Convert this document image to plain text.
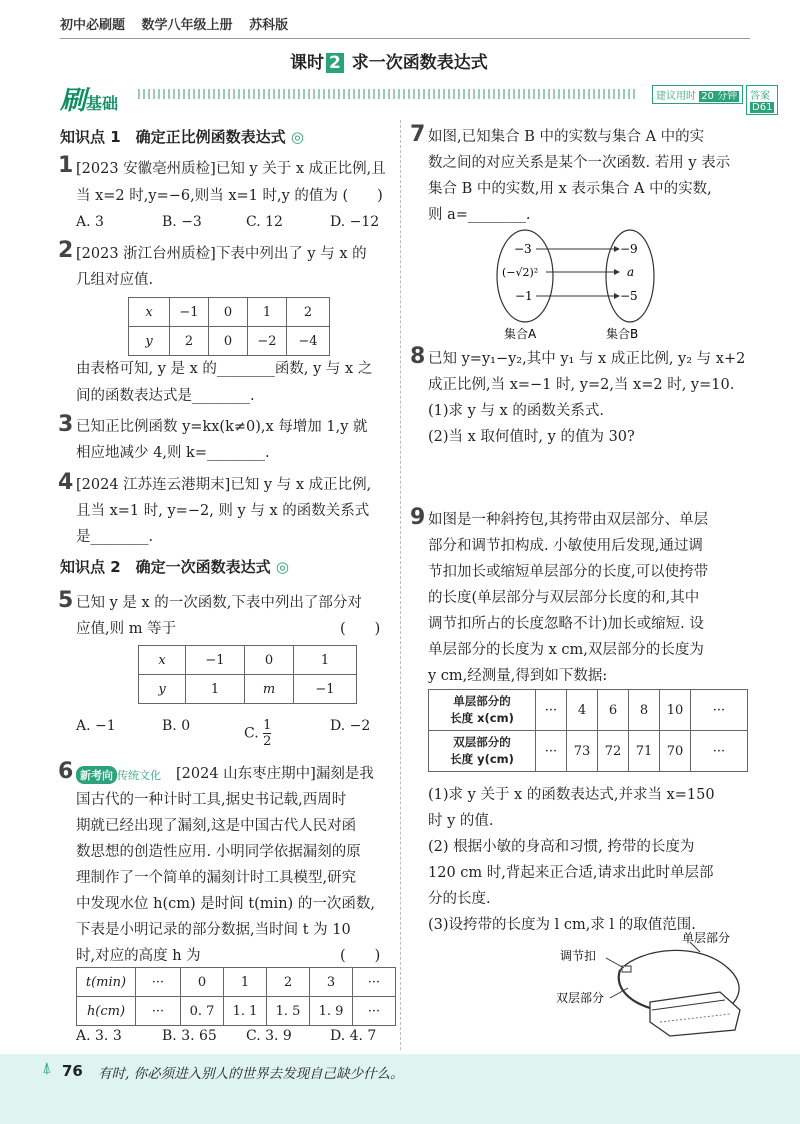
初中必刷题 数学八年级上册 苏科版
课时 2 求一次函数表达式
刷基础	建议用时 20 分钟	答案 D61
知识点 1　确定正比例函数表达式 ◎
1 [2023 安徽亳州质检]已知 y 关于 x 成正比例,且
当 x=2 时,y=−6,则当 x=1 时,y 的值为 (　　)
A. 3	B. −3	C. 12	D. −12
2 [2023 浙江台州质检]下表中列出了 y 与 x 的
几组对应值.
x	−1	0	1	2
y	2	0	−2	−4
由表格可知, y 是 x 的________函数, y 与 x 之
间的函数表达式是________.
3 已知正比例函数 y=kx(k≠0),x 每增加 1,y 就
相应地减少 4,则 k=________.
4 [2024 江苏连云港期末]已知 y 与 x 成正比例,
且当 x=1 时, y=−2, 则 y 与 x 的函数关系式
是________.
知识点 2　确定一次函数表达式 ◎
5 已知 y 是 x 的一次函数,下表中列出了部分对
应值,则 m 等于	(　　)
x	−1	0	1
y	1	m	−1
A. −1	B. 0	C. $\frac{1}{2}$	D. −2
6 新考向 传统文化 [2024 山东枣庄期中]漏刻是我
国古代的一种计时工具,据史书记载,西周时
期就已经出现了漏刻,这是中国古代人民对函
数思想的创造性应用. 小明同学依据漏刻的原
理制作了一个简单的漏刻计时工具模型,研究
中发现水位 h(cm) 是时间 t(min) 的一次函数,
下表是小明记录的部分数据,当时间 t 为 10
时,对应的高度 h 为	(　　)
t(min)	···	0	1	2	3	···
h(cm)	···	0. 7	1. 1	1. 5	1. 9	···
A. 3. 3	B. 3. 65 C. 3. 9	D. 4. 7
7 如图,已知集合 B 中的实数与集合 A 中的实
数之间的对应关系是某个一次函数. 若用 y 表示
集合 B 中的实数,用 x 表示集合 A 中的实数,
则 a=________.
−3
(−√2)²
−1
−9
a
−5
集合A	集合B
8 已知 y=y₁−y₂,其中 y₁ 与 x 成正比例, y₂ 与 x+2
成正比例,当 x=−1 时, y=2,当 x=2 时, y=10.
(1)求 y 与 x 的函数关系式.
(2)当 x 取何值时, y 的值为 30?
9 如图是一种斜挎包,其挎带由双层部分、单层
部分和调节扣构成. 小敏使用后发现,通过调
节扣加长或缩短单层部分的长度,可以使挎带
的长度(单层部分与双层部分长度的和,其中
调节扣所占的长度忽略不计)加长或缩短. 设
单层部分的长度为 x cm,双层部分的长度为
y cm,经测量,得到如下数据:
单层部分的
长度 x(cm)	···	4	6	8	10	···
双层部分的
长度 y(cm)	···	73	72	71	70	···
(1)求 y 关于 x 的函数表达式,并求当 x=150
时 y 的值.
(2) 根据小敏的身高和习惯, 挎带的长度为
120 cm 时,背起来正合适,请求出此时单层部
分的长度.
(3)设挎带的长度为 l cm,求 l 的取值范围.
调节扣
单层部分
双层部分
⍋ 76 有时, 你必须进入别人的世界去发现自己缺少什么。
